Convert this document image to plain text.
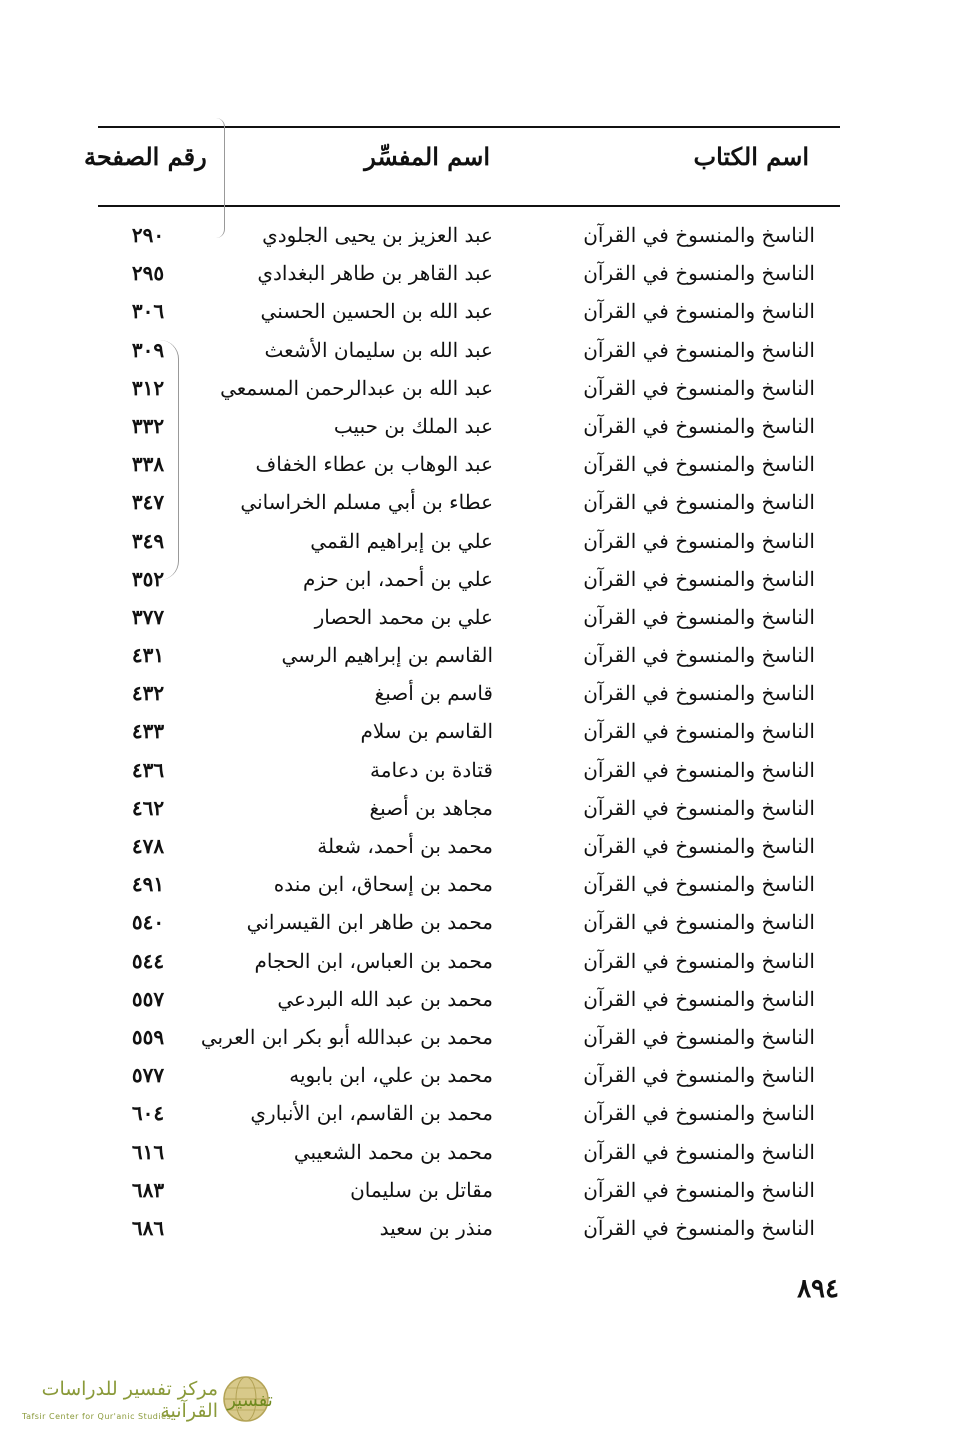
اسم الكتاب
اسم المفسِّر
رقم الصفحة
الناسخ والمنسوخ في القرآن
عبد العزيز بن يحيى الجلودي
٢٩٠
الناسخ والمنسوخ في القرآن
عبد القاهر بن طاهر البغدادي
٢٩٥
الناسخ والمنسوخ في القرآن
عبد الله بن الحسين الحسني
٣٠٦
الناسخ والمنسوخ في القرآن
عبد الله بن سليمان الأشعث
٣٠٩
الناسخ والمنسوخ في القرآن
عبد الله بن عبدالرحمن المسمعي
٣١٢
الناسخ والمنسوخ في القرآن
عبد الملك بن حبيب
٣٣٢
الناسخ والمنسوخ في القرآن
عبد الوهاب بن عطاء الخفاف
٣٣٨
الناسخ والمنسوخ في القرآن
عطاء بن أبي مسلم الخراساني
٣٤٧
الناسخ والمنسوخ في القرآن
علي بن إبراهيم القمي
٣٤٩
الناسخ والمنسوخ في القرآن
علي بن أحمد، ابن حزم
٣٥٢
الناسخ والمنسوخ في القرآن
علي بن محمد الحصار
٣٧٧
الناسخ والمنسوخ في القرآن
القاسم بن إبراهيم الرسي
٤٣١
الناسخ والمنسوخ في القرآن
قاسم بن أصبغ
٤٣٢
الناسخ والمنسوخ في القرآن
القاسم بن سلام
٤٣٣
الناسخ والمنسوخ في القرآن
قتادة بن دعامة
٤٣٦
الناسخ والمنسوخ في القرآن
مجاهد بن أصبغ
٤٦٢
الناسخ والمنسوخ في القرآن
محمد بن أحمد، شعلة
٤٧٨
الناسخ والمنسوخ في القرآن
محمد بن إسحاق، ابن منده
٤٩١
الناسخ والمنسوخ في القرآن
محمد بن طاهر ابن القيسراني
٥٤٠
الناسخ والمنسوخ في القرآن
محمد بن العباس، ابن الحجام
٥٤٤
الناسخ والمنسوخ في القرآن
محمد بن عبد الله البردعي
٥٥٧
الناسخ والمنسوخ في القرآن
محمد بن عبدالله أبو بكر ابن العربي
٥٥٩
الناسخ والمنسوخ في القرآن
محمد بن علي، ابن بابويه
٥٧٧
الناسخ والمنسوخ في القرآن
محمد بن القاسم، ابن الأنباري
٦٠٤
الناسخ والمنسوخ في القرآن
محمد بن محمد الشعيبي
٦١٦
الناسخ والمنسوخ في القرآن
مقاتل بن سليمان
٦٨٣
الناسخ والمنسوخ في القرآن
منذر بن سعيد
٦٨٦
٨٩٤
مركز تفسير للدراسات القرآنية
Tafsir Center for Qur'anic Studies
تفسير
